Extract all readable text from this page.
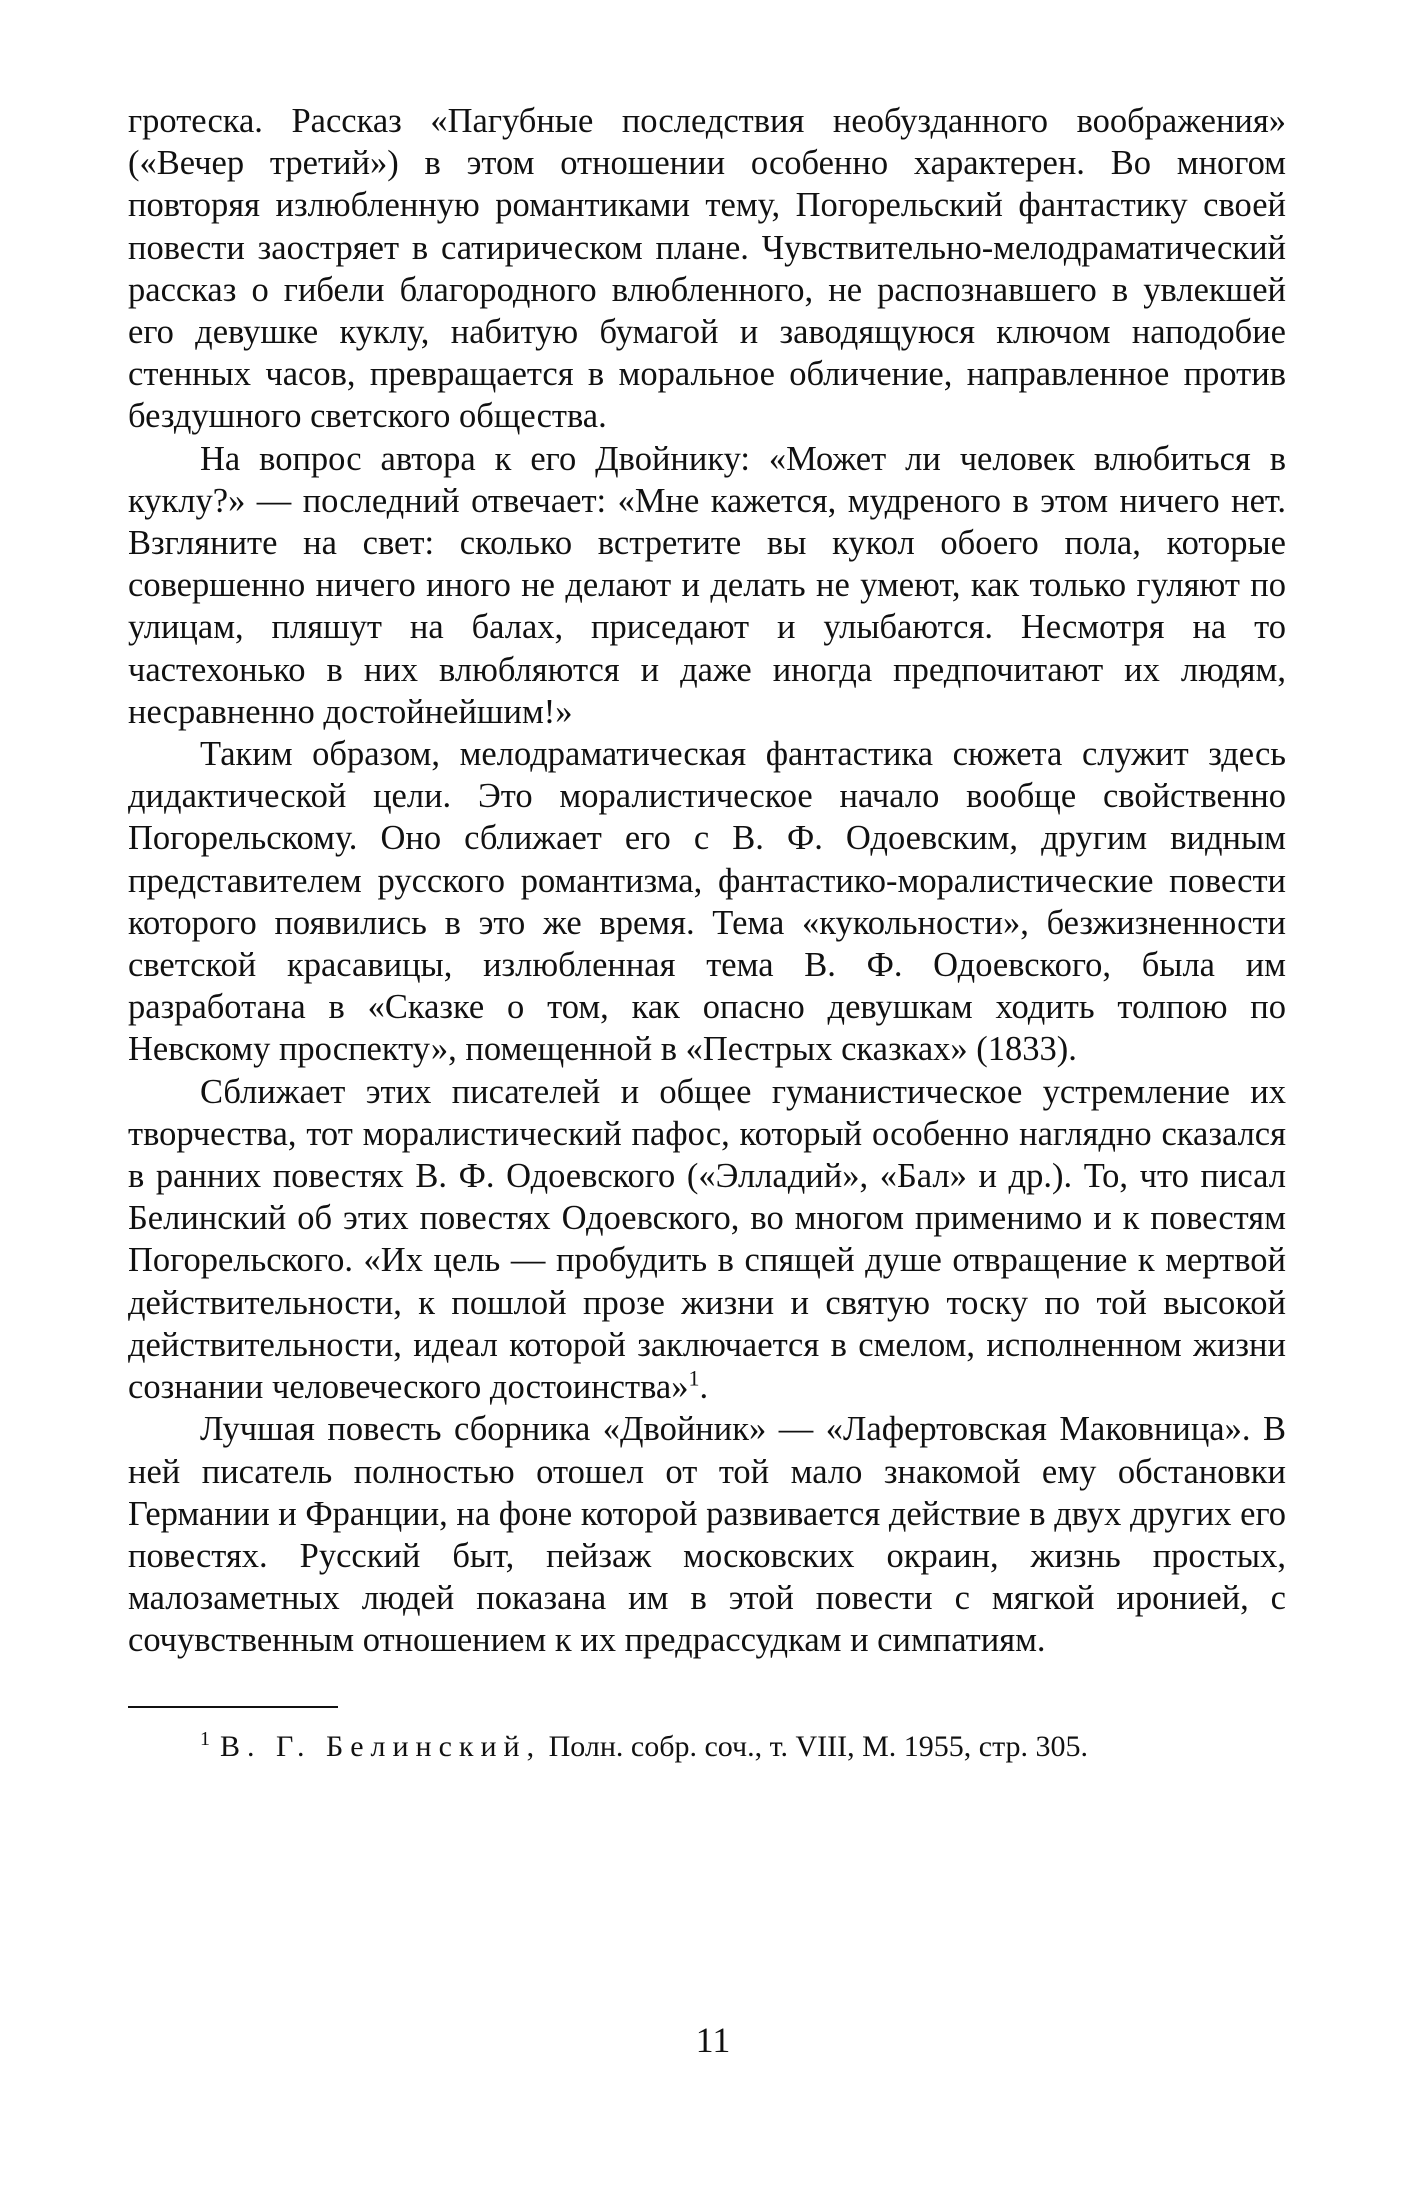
гротеска. Рассказ «Пагубные последствия необузданного воображения» («Вечер третий») в этом отношении особенно характерен. Во многом повторяя излюбленную романтиками тему, Погорельский фантастику своей повести заостряет в сатирическом плане. Чувствительно-мелодраматический рассказ о гибели благородного влюбленного, не распознавшего в увлекшей его девушке куклу, набитую бумагой и заводящуюся ключом наподобие стенных часов, превращается в моральное обличение, направленное против бездушного светского общества.

На вопрос автора к его Двойнику: «Может ли человек влюбиться в куклу?» — последний отвечает: «Мне кажется, мудреного в этом ничего нет. Взгляните на свет: сколько встретите вы кукол обоего пола, которые совершенно ничего иного не делают и делать не умеют, как только гуляют по улицам, пляшут на балах, приседают и улыбаются. Несмотря на то частехонько в них влюбляются и даже иногда предпочитают их людям, несравненно достойнейшим!»

Таким образом, мелодраматическая фантастика сюжета служит здесь дидактической цели. Это моралистическое начало вообще свойственно Погорельскому. Оно сближает его с В. Ф. Одоевским, другим видным представителем русского романтизма, фантастико-моралистические повести которого появились в это же время. Тема «кукольности», безжизненности светской красавицы, излюбленная тема В. Ф. Одоевского, была им разработана в «Сказке о том, как опасно девушкам ходить толпою по Невскому проспекту», помещенной в «Пестрых сказках» (1833).

Сближает этих писателей и общее гуманистическое устремление их творчества, тот моралистический пафос, который особенно наглядно сказался в ранних повестях В. Ф. Одоевского («Элладий», «Бал» и др.). То, что писал Белинский об этих повестях Одоевского, во многом применимо и к повестям Погорельского. «Их цель — пробудить в спящей душе отвращение к мертвой действительности, к пошлой прозе жизни и святую тоску по той высокой действительности, идеал которой заключается в смелом, исполненном жизни сознании человеческого достоинства»$^1$.

Лучшая повесть сборника «Двойник» — «Лафертовская Маковница». В ней писатель полностью отошел от той мало знакомой ему обстановки Германии и Франции, на фоне которой развивается действие в двух других его повестях. Русский быт, пейзаж московских окраин, жизнь простых, малозаметных людей показана им в этой повести с мягкой иронией, с сочувственным отношением к их предрассудкам и симпатиям.

$^1$ В. Г. Белинский, Полн. собр. соч., т. VIII, М. 1955, стр. 305.
11
